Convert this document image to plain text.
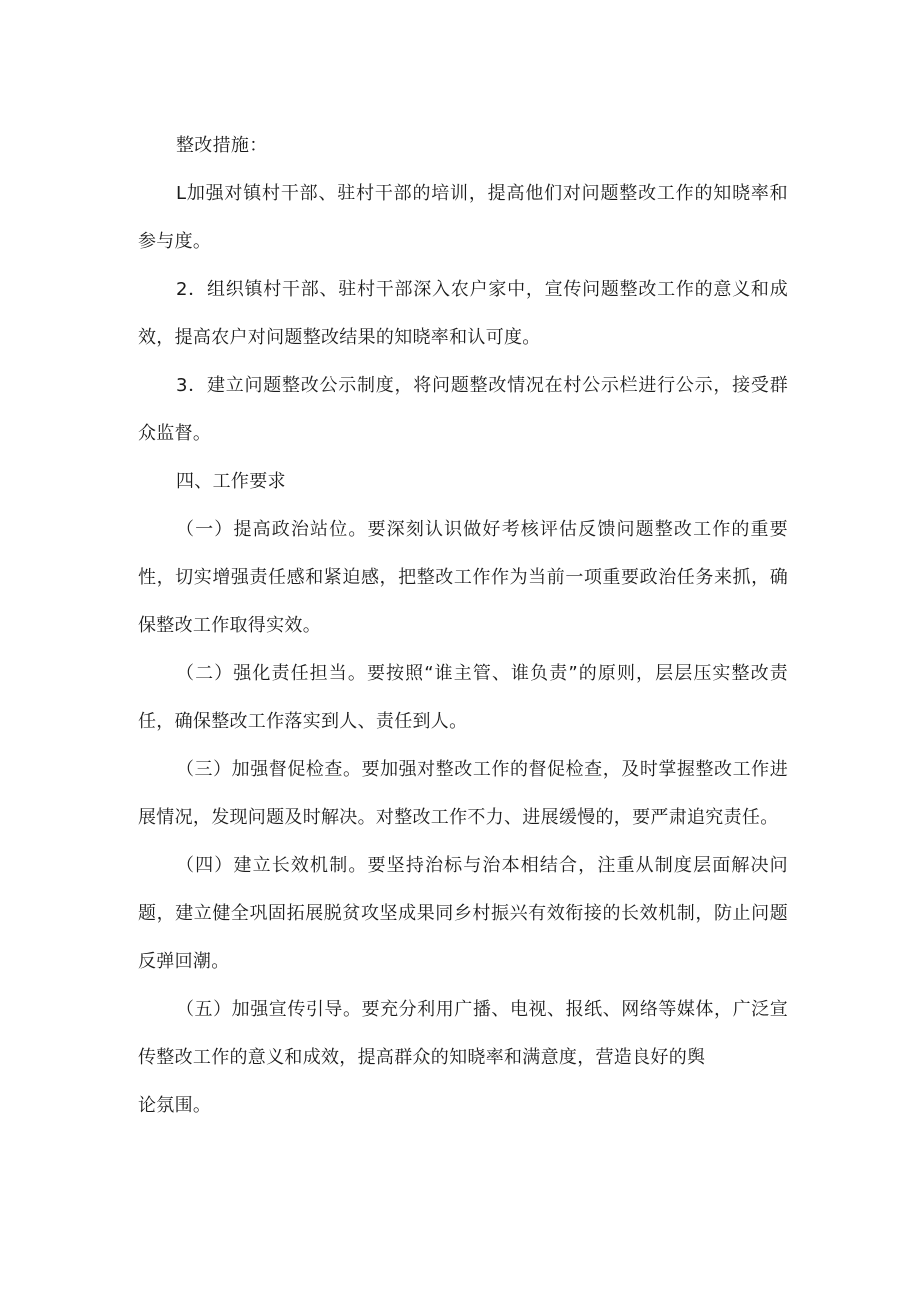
整改措施：

L加强对镇村干部、驻村干部的培训，提高他们对问题整改工作的知晓率和参与度。

2．组织镇村干部、驻村干部深入农户家中，宣传问题整改工作的意义和成效，提高农户对问题整改结果的知晓率和认可度。

3．建立问题整改公示制度，将问题整改情况在村公示栏进行公示，接受群众监督。

四、工作要求

（一）提高政治站位。要深刻认识做好考核评估反馈问题整改工作的重要性，切实增强责任感和紧迫感，把整改工作作为当前一项重要政治任务来抓，确保整改工作取得实效。

（二）强化责任担当。要按照“谁主管、谁负责”的原则，层层压实整改责任，确保整改工作落实到人、责任到人。

（三）加强督促检查。要加强对整改工作的督促检查，及时掌握整改工作进展情况，发现问题及时解决。对整改工作不力、进展缓慢的，要严肃追究责任。

（四）建立长效机制。要坚持治标与治本相结合，注重从制度层面解决问题，建立健全巩固拓展脱贫攻坚成果同乡村振兴有效衔接的长效机制，防止问题反弹回潮。

（五）加强宣传引导。要充分利用广播、电视、报纸、网络等媒体，广泛宣传整改工作的意义和成效，提高群众的知晓率和满意度，营造良好的舆
论氛围。
